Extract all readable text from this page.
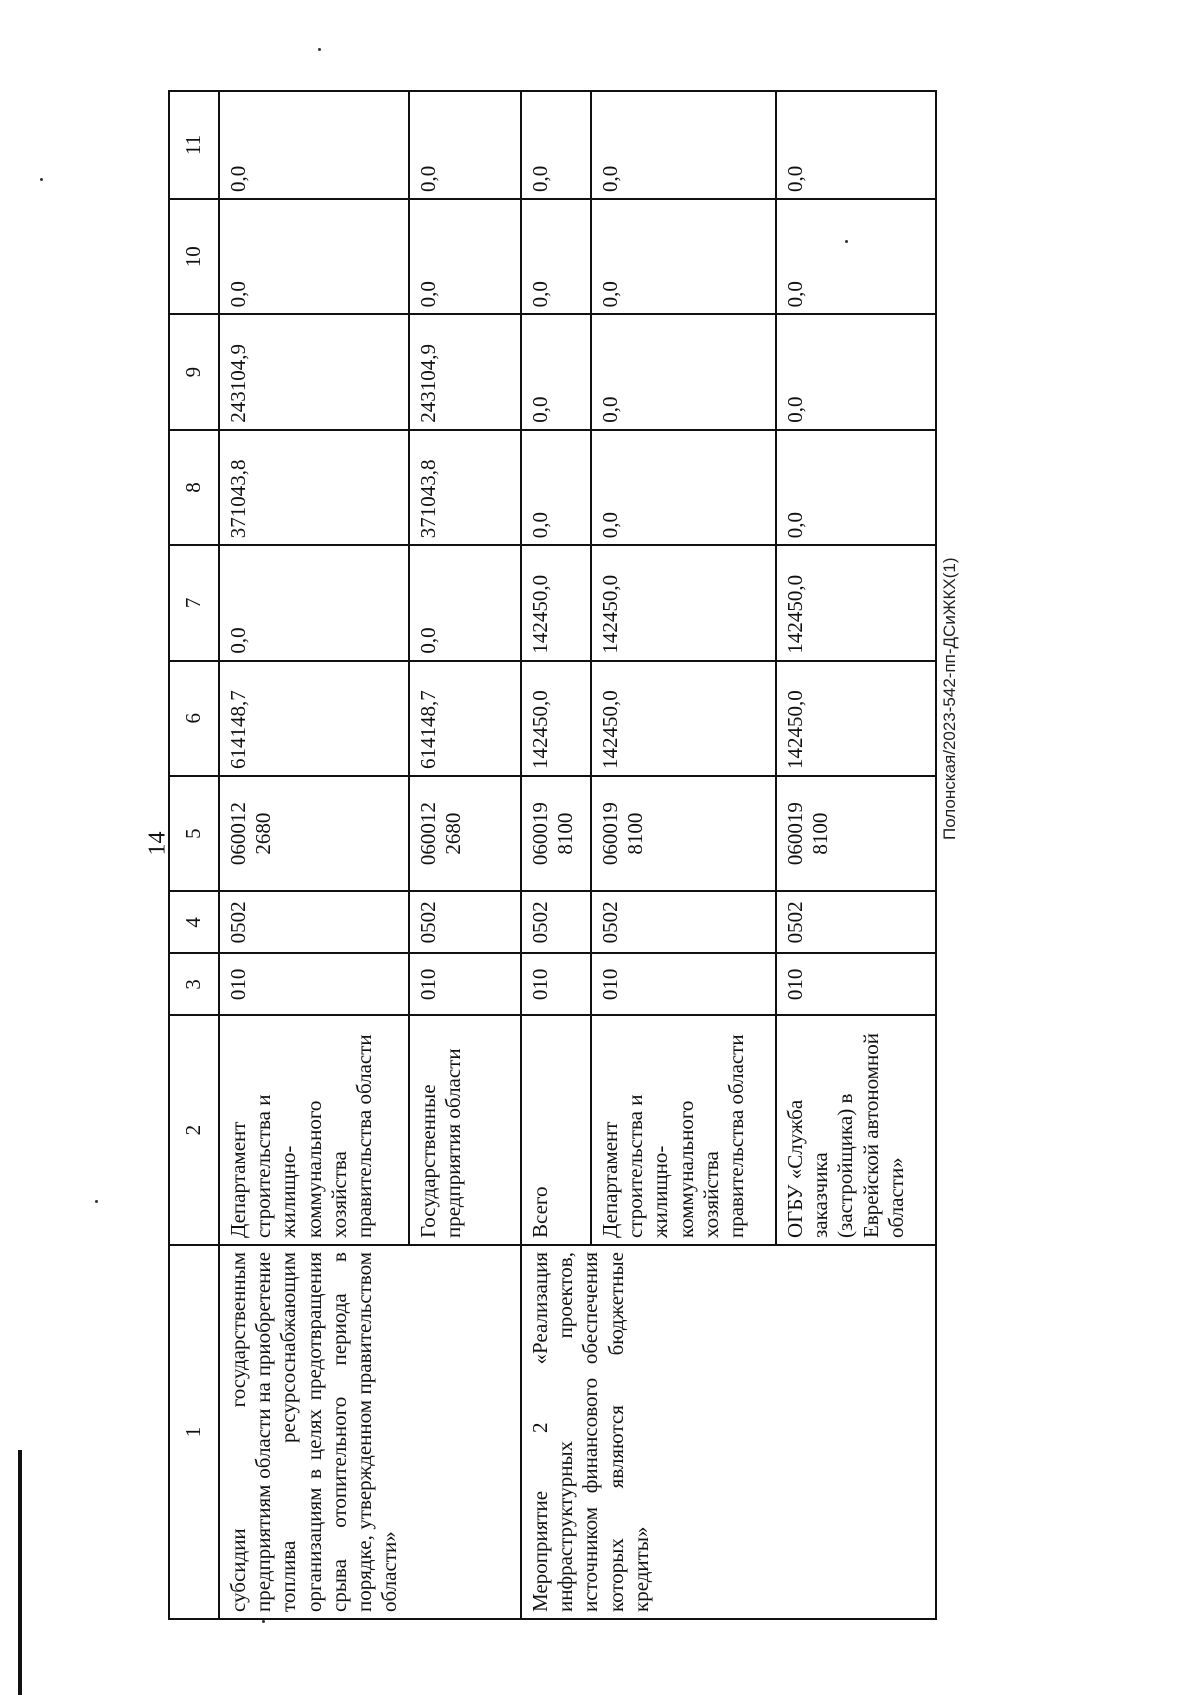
14
Полонская/2023-542-пп-ДСиЖКХ(1)
1	2	3	4	5	6	7	8	9	10	11
субсидии государственным предприятиям области на приобретение топлива ресурсоснабжающим организациям в целях предотвращения срыва отопительного периода в порядке, утвержденном правительством области»	Департамент строительства и жилищно-коммунального хозяйства правительства области	010	0502	060012 2680	614148,7	0,0	371043,8	243104,9	0,0	0,0
	Государственные предприятия области	010	0502	060012 2680	614148,7	0,0	371043,8	243104,9	0,0	0,0
Мероприятие 2 «Реализация инфраструктурных проектов, источником финансового обеспечения которых являются бюджетные кредиты»	Всего	010	0502	060019 8100	142450,0	142450,0	0,0	0,0	0,0	0,0
	Департамент строительства и жилищно-коммунального хозяйства правительства области	010	0502	060019 8100	142450,0	142450,0	0,0	0,0	0,0	0,0
	ОГБУ «Служба заказчика (застройщика) в Еврейской автономной области»	010	0502	060019 8100	142450,0	142450,0	0,0	0,0	0,0	0,0
